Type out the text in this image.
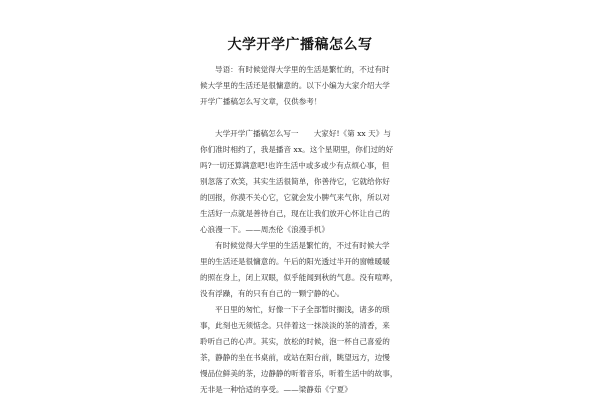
大学开学广播稿怎么写
导语：有时候觉得大学里的生活是繁忙的，不过有时
候大学里的生活还是很慵意的。以下小编为大家介绍大学
开学广播稿怎么写文章，仅供参考！
大学开学广播稿怎么写一　　大家好!《第 xx 天》与
你们准时相约了，我是播音 xx。这个星期里，你们过的好
吗?一切还算满意吧!也许生活中或多或少有点烦心事，但
别忽落了欢笑，其实生活很简单，你善待它，它就给你好
的回报，你漠不关心它，它就会发小脾气来气你，所以对
生活好一点就是善待自己，现在让我们放开心怀让自己的
心浪漫一下。——周杰伦《浪漫手机》
有时候觉得大学里的生活是繁忙的，不过有时候大学
里的生活还是很慵意的。午后的阳光透过半开的窗帷暖暖
的照在身上，闭上双眼，似乎能闻到秋的气息。没有喧哗，
没有浮躁，有的只有自己的一颗宁静的心。
平日里的匆忙，好像一下子全部暂时搁浅，诸多的琐
事，此刻也无须惦念。只伴着这一抹淡淡的茶的清香，来
聆听自己的心声。其实，放松的时候，泡一杯自己喜爱的
茶，静静的坐在书桌前，或站在阳台前，眺望远方，边慢
慢品位鲜美的茶，边静静的听着音乐，听着生活中的故事，
无非是一种恰适的享受。——梁静茹《宁夏》
